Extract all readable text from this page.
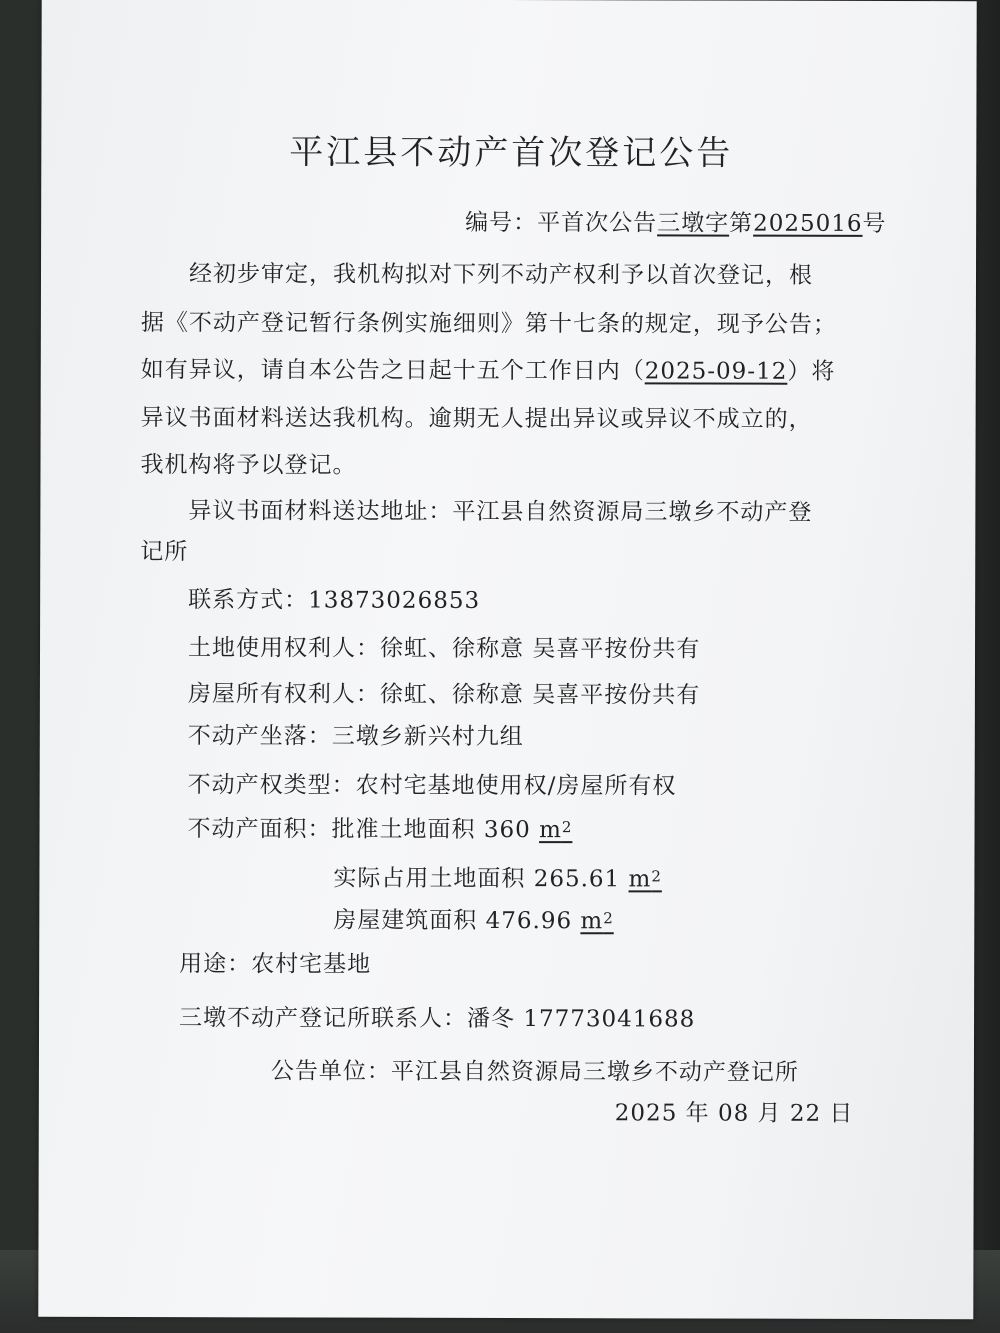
平江县不动产首次登记公告
编号：平首次公告三墩字第2025016号
经初步审定，我机构拟对下列不动产权利予以首次登记，根
据《不动产登记暂行条例实施细则》第十七条的规定，现予公告；
如有异议，请自本公告之日起十五个工作日内（2025-09-12）将
异议书面材料送达我机构。逾期无人提出异议或异议不成立的，
我机构将予以登记。
异议书面材料送达地址：平江县自然资源局三墩乡不动产登
记所
联系方式：13873026853
土地使用权利人：徐虹、徐称意 吴喜平按份共有
房屋所有权利人：徐虹、徐称意 吴喜平按份共有
不动产坐落：三墩乡新兴村九组
不动产权类型：农村宅基地使用权/房屋所有权
不动产面积：批准土地面积 360 $m^2$
实际占用土地面积 265.61 $m^2$
房屋建筑面积 476.96 $m^2$
用途：农村宅基地
三墩不动产登记所联系人：潘冬 17773041688
公告单位：平江县自然资源局三墩乡不动产登记所
2025 年 08 月 22 日
